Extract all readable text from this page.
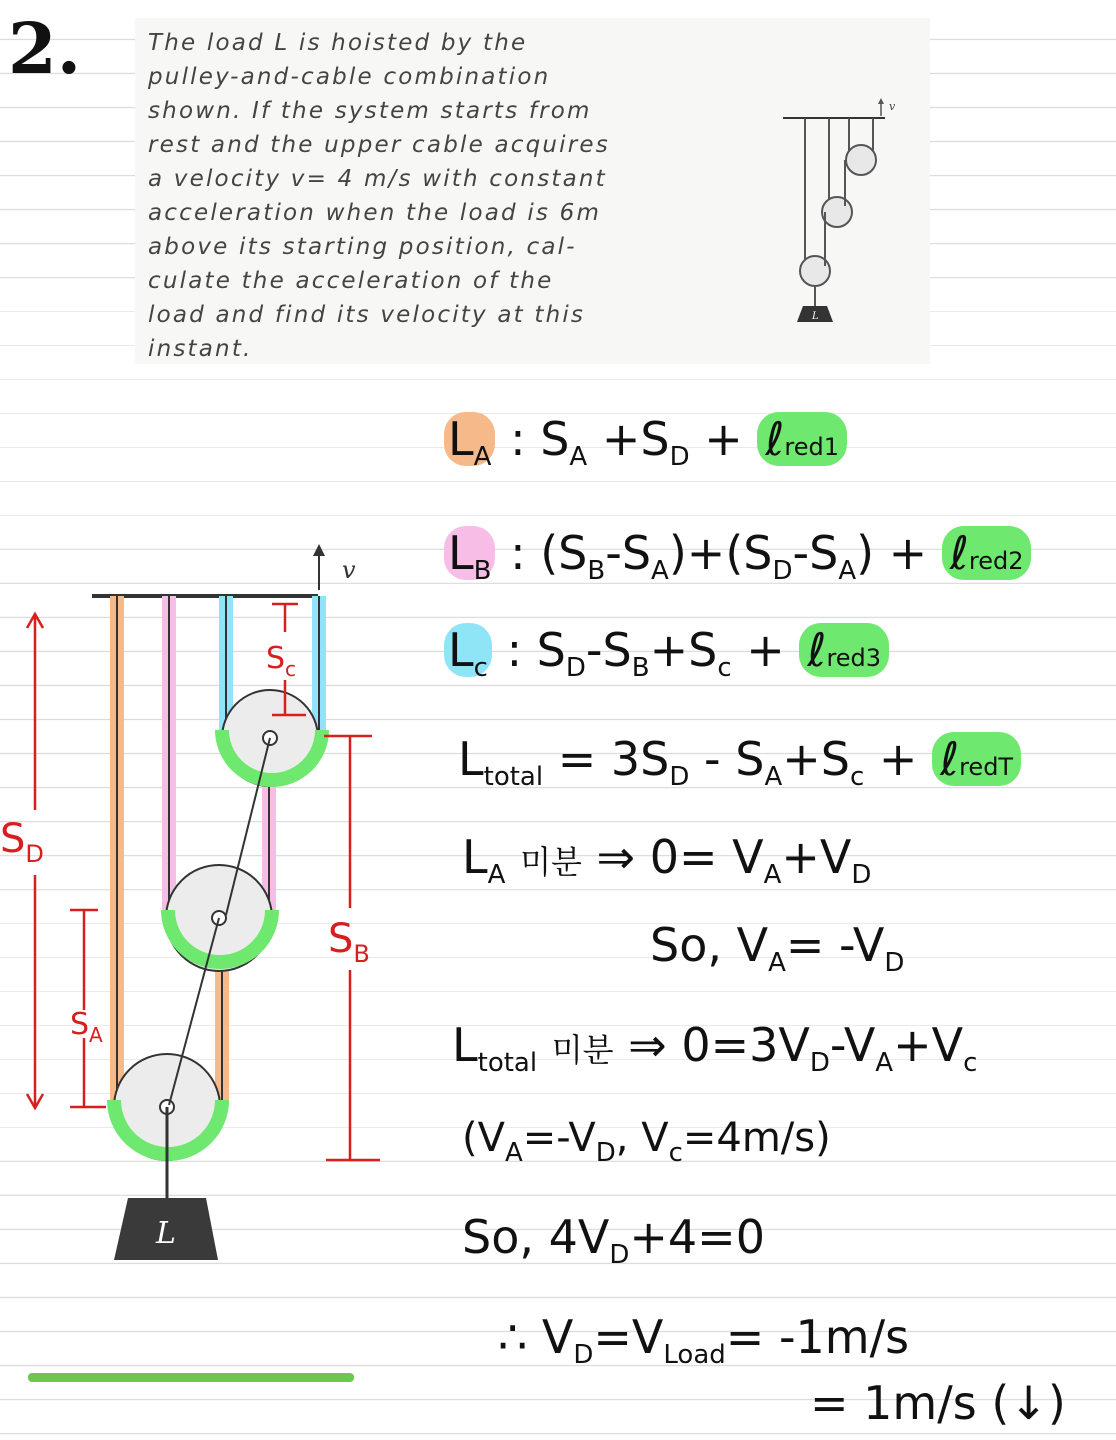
2.	The load L is hoisted by the
pulley-and-cable combination
shown. If the system starts from
rest and the upper cable acquires
a velocity v= 4 m/s with constant
acceleration when the load is 6m
above its starting position, cal-
culate the acceleration of the
load and find its velocity at this
instant.
L
v
L
v
$S_D$
$S_A$
$S_c$
$S_B$
$L_A$ : $S_A +S_D$ + ℓred1
$L_B$ : $(S_B-S_A)+(S_D-S_A)$ + ℓred2
$L_c$ : $S_D-S_B+S_c$ + ℓred3
$L_{total} = 3S_D - S_A+S_c$ + ℓredT
$L_A$ 미분 ⇒ $0= V_A+V_D$
So, $V_A= -V_D$
$L_{total}$ 미분 ⇒ $0=3V_D-V_A+V_c$
($V_A=-V_D$, $V_c=4m/s$)
So, $4V_D+4=0$
∴ $V_D=V_{Load}= -1m/s$
= 1m/s (↓)
